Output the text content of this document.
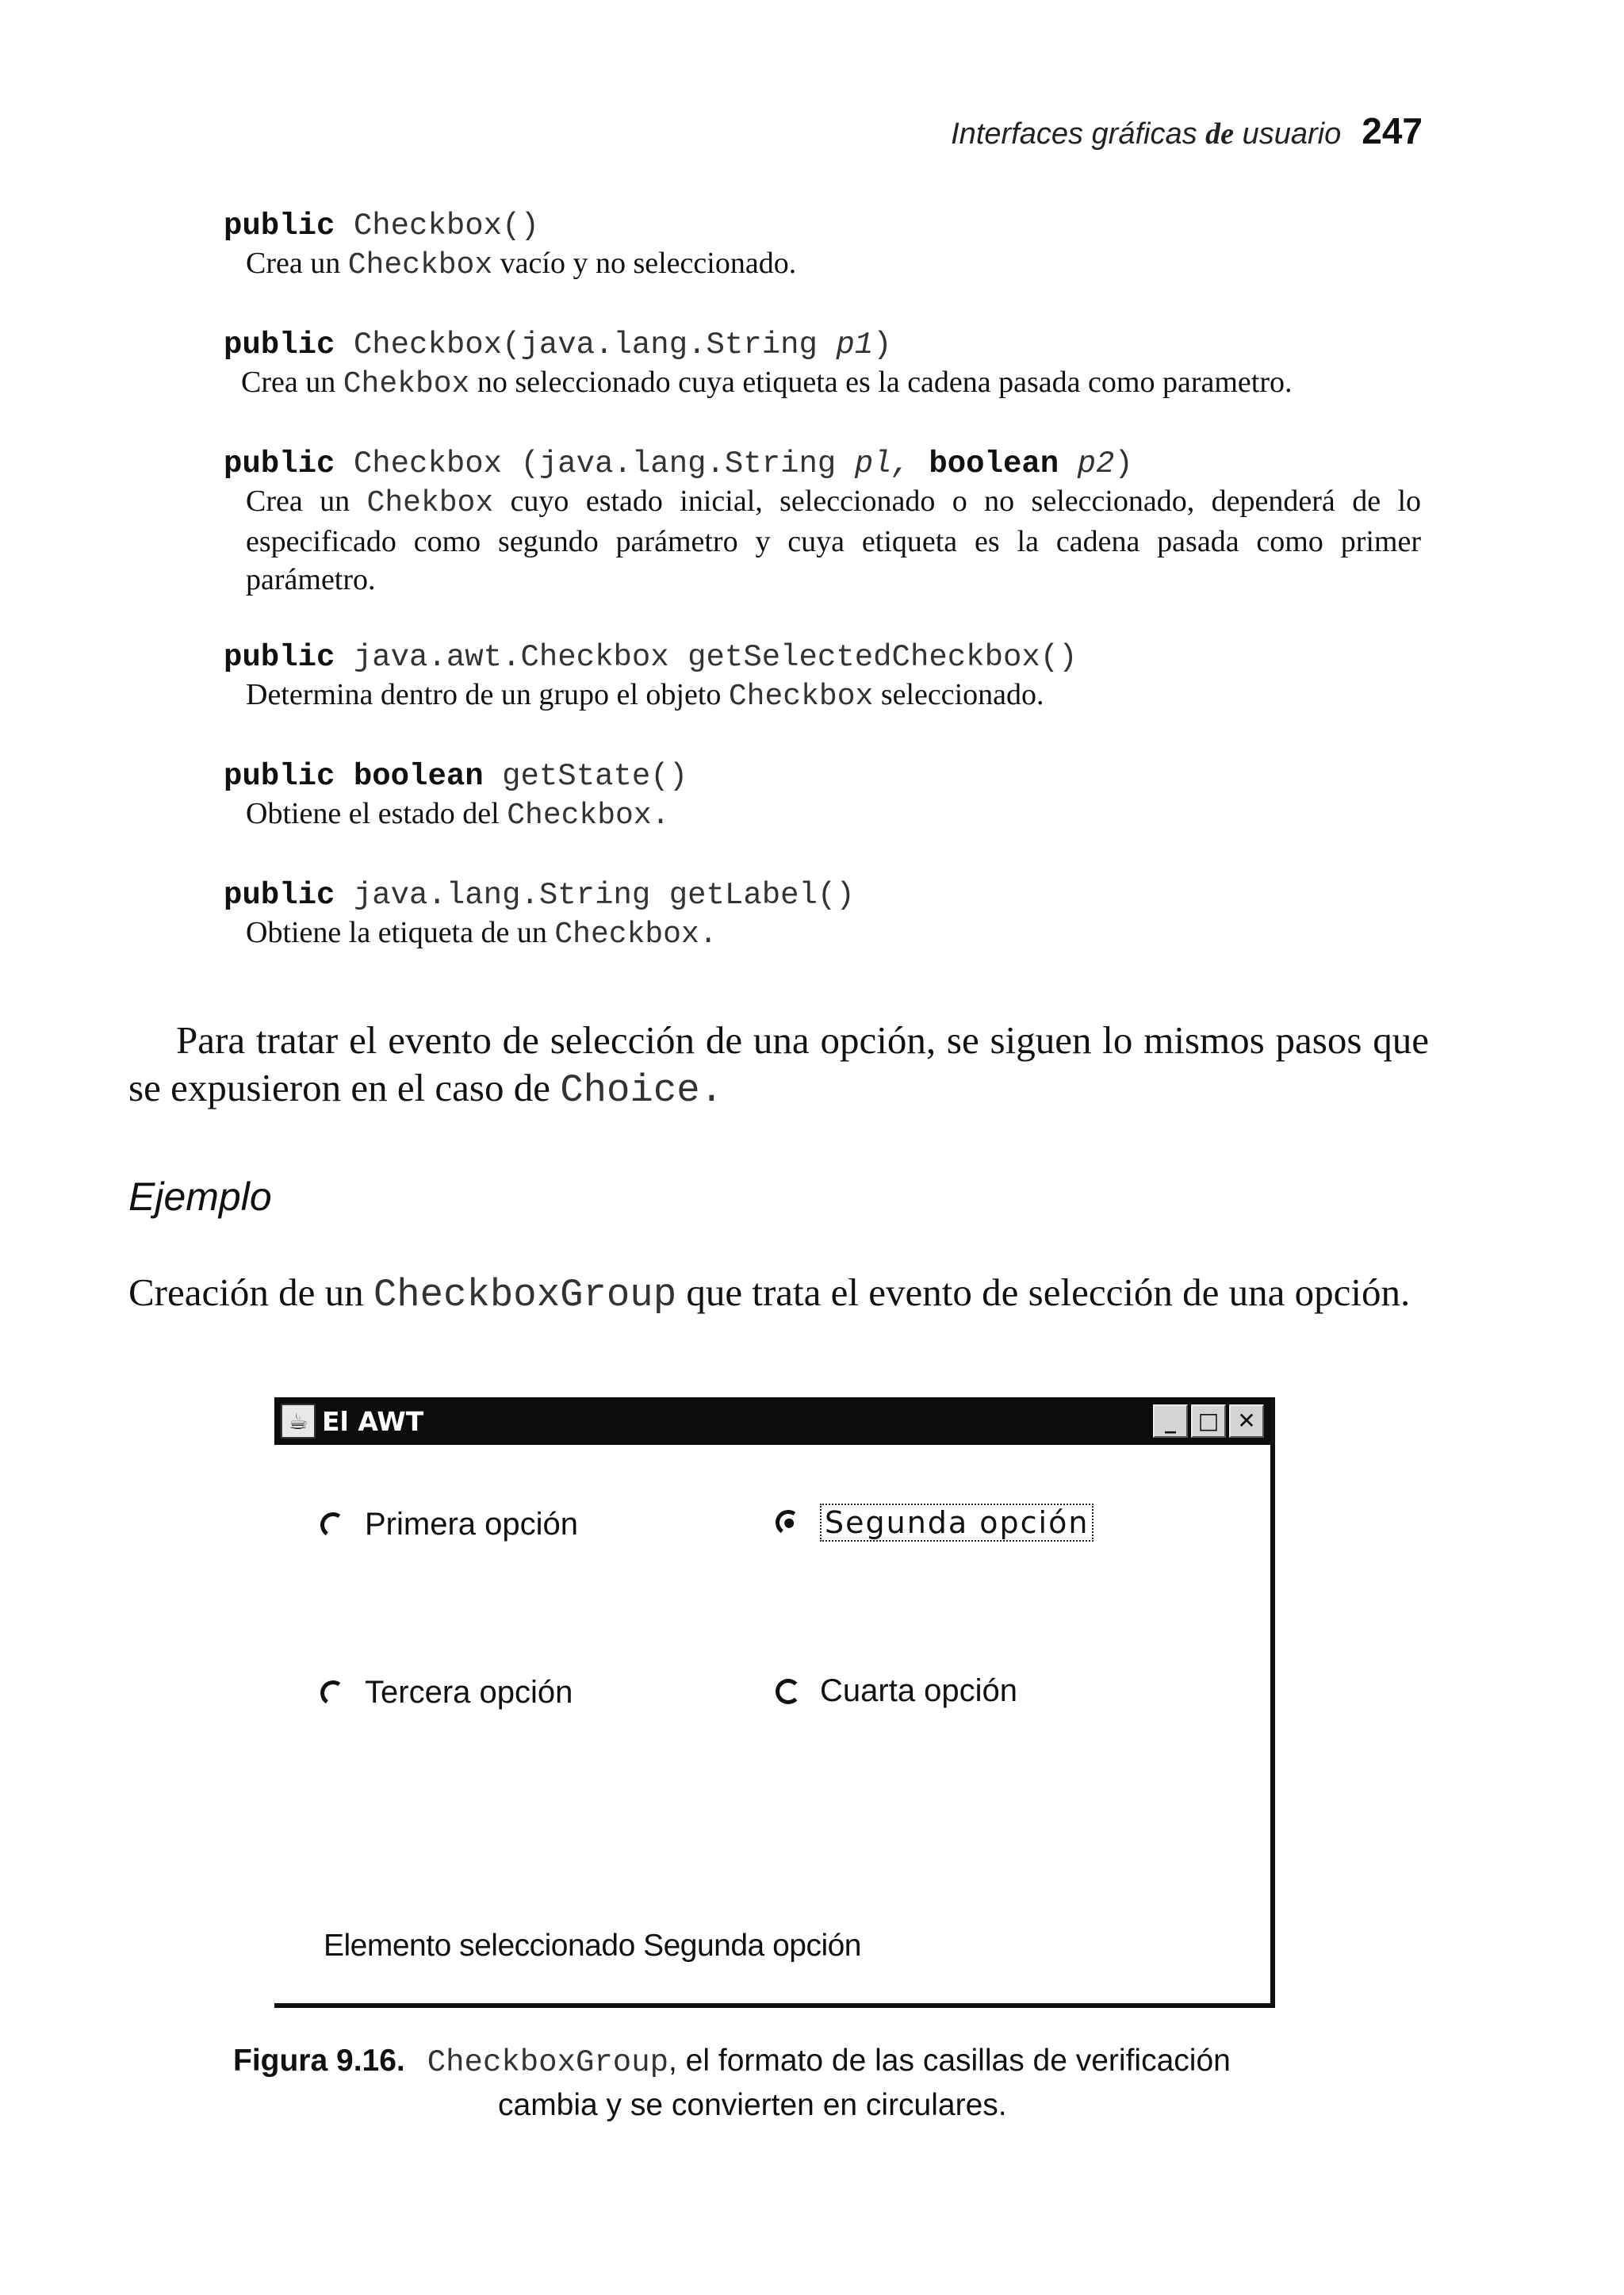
Interfaces gráficas de usuario 247
public Checkbox()
Crea un Checkbox vacío y no seleccionado.
public Checkbox(java.lang.String p1)
Crea un Chekbox no seleccionado cuya etiqueta es la cadena pasada como parametro.
public Checkbox (java.lang.String pl, boolean p2)
Crea un Chekbox cuyo estado inicial, seleccionado o no seleccionado, dependerá de lo especificado como segundo parámetro y cuya etiqueta es la cadena pasada como primer parámetro.
public java.awt.Checkbox getSelectedCheckbox()
Determina dentro de un grupo el objeto Checkbox seleccionado.
public boolean getState()
Obtiene el estado del Checkbox.
public java.lang.String getLabel()
Obtiene la etiqueta de un Checkbox.
Para tratar el evento de selección de una opción, se siguen lo mismos pasos que se expusieron en el caso de Choice.
Ejemplo
Creación de un CheckboxGroup que trata el evento de selección de una opción.
☕ El AWT	_ □ ✕
Primera opción	Segunda opción
Tercera opción	Cuarta opción
Elemento seleccionado Segunda opción
Figura 9.16. CheckboxGroup, el formato de las casillas de verificación
cambia y se convierten en circulares.
